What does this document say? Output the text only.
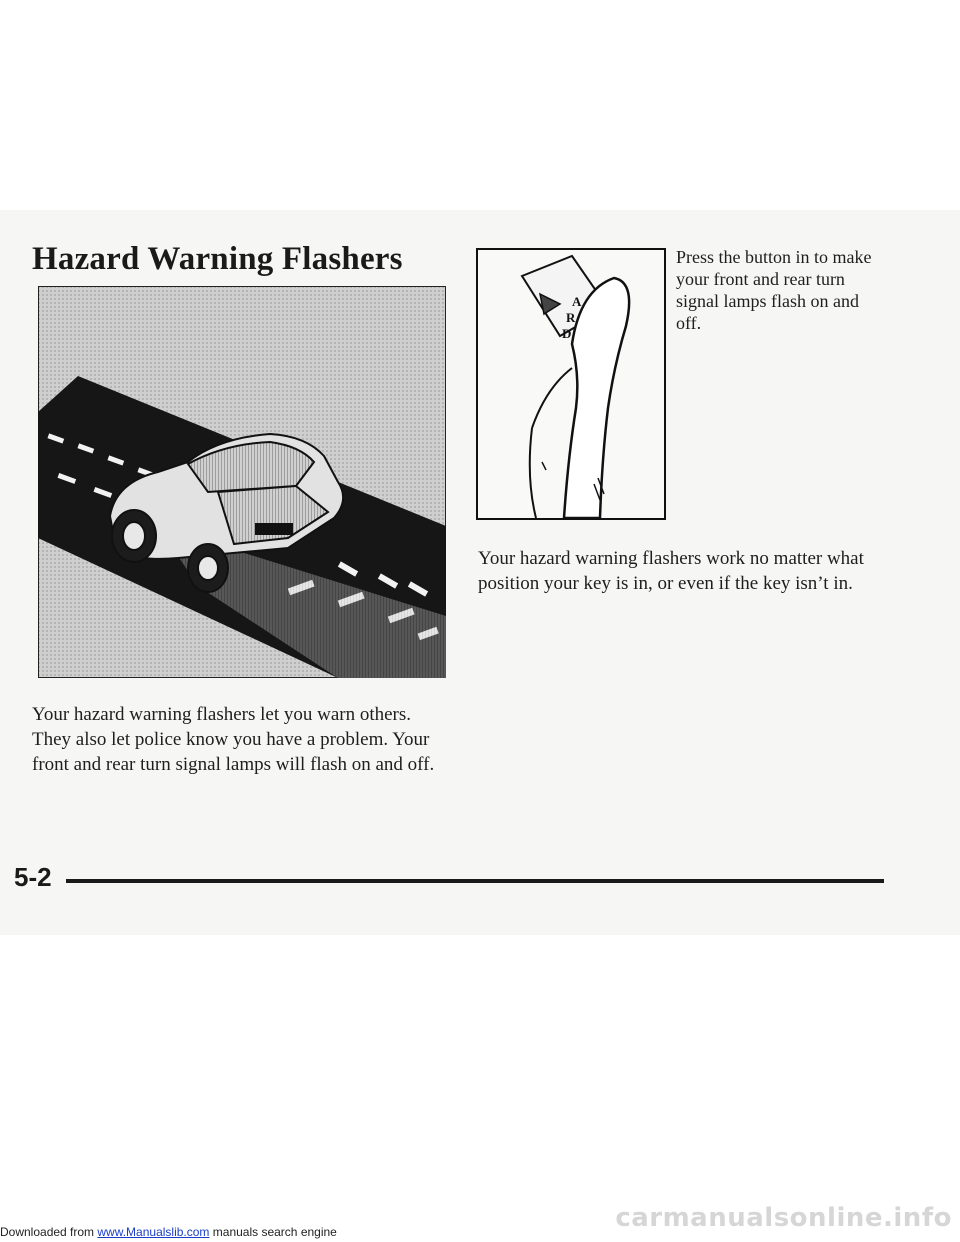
Hazard Warning Flashers

Your hazard warning flashers let you warn others. They also let police know you have a problem. Your front and rear turn signal lamps will flash on and off.

A
R
D

Press the button in to make your front and rear turn signal lamps flash on and off.

Your hazard warning flashers work no matter what position your key is in, or even if the key isn’t in.

5-2

Downloaded from www.Manualslib.com manuals search engine	carmanualsonline.info
